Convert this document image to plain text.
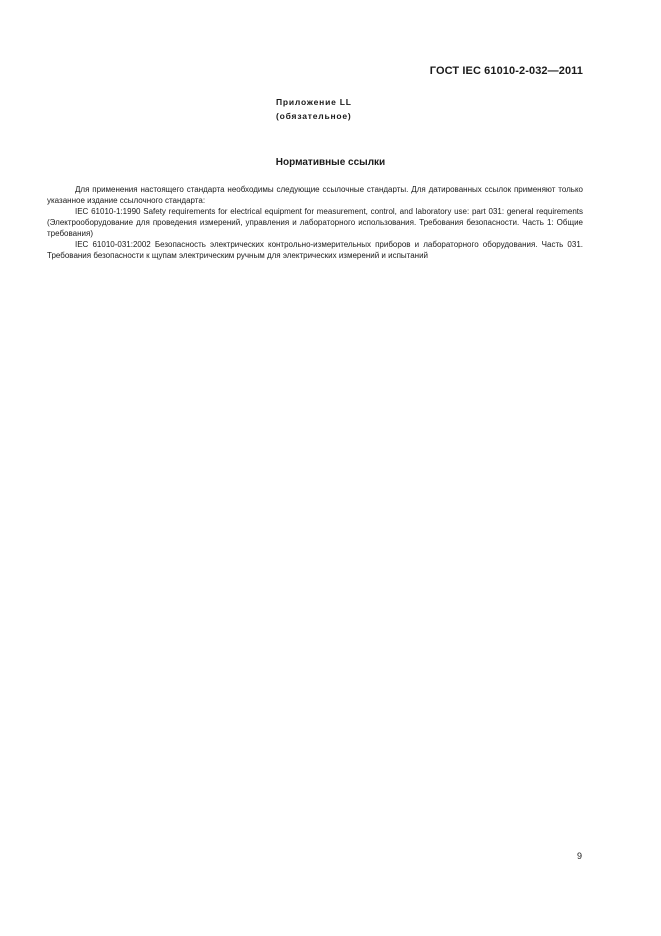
ГОСТ IEC 61010-2-032—2011
Приложение LL
(обязательное)
Нормативные ссылки

Для применения настоящего стандарта необходимы следующие ссылочные стандарты. Для датированных ссылок применяют только указанное издание ссылочного стандарта:

IEC 61010-1:1990 Safety requirements for electrical equipment for measurement, control, and laboratory use: part 031: general requirements (Электрооборудование для проведения измерений, управления и лабораторного использования. Требования безопасности. Часть 1: Общие требования)

IEC 61010-031:2002 Безопасность электрических контрольно-измерительных приборов и лабораторного оборудования. Часть 031. Требования безопасности к щупам электрическим ручным для электрических измерений и испытаний

9
